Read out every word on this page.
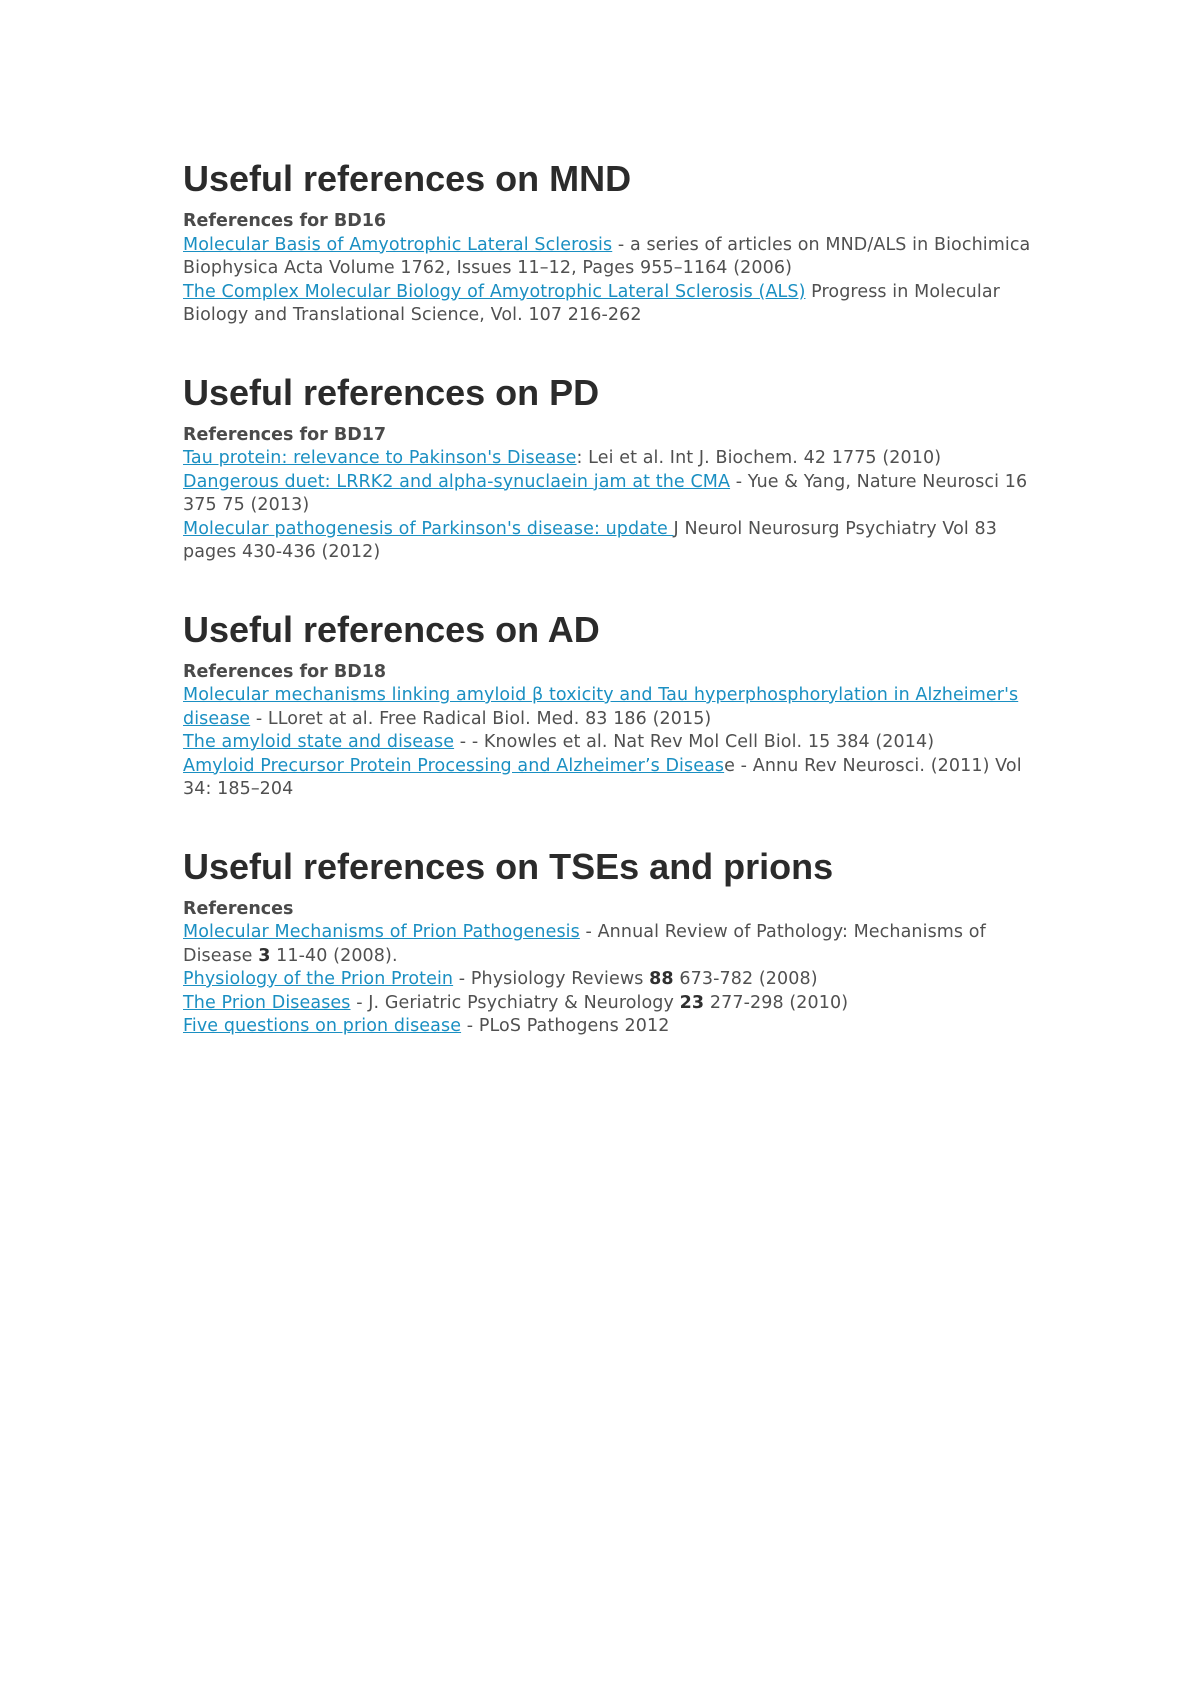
Useful references on MND
References for BD16
Molecular Basis of Amyotrophic Lateral Sclerosis - a series of articles on MND/ALS in Biochimica Biophysica Acta Volume 1762, Issues 11–12, Pages 955–1164 (2006)
The Complex Molecular Biology of Amyotrophic Lateral Sclerosis (ALS) Progress in Molecular Biology and Translational Science, Vol. 107 216-262
Useful references on PD
References for BD17
Tau protein: relevance to Pakinson's Disease: Lei et al. Int J. Biochem. 42 1775 (2010)
Dangerous duet: LRRK2 and alpha-synuclaein jam at the CMA - Yue & Yang, Nature Neurosci 16 375 75 (2013)
Molecular pathogenesis of Parkinson's disease: update J Neurol Neurosurg Psychiatry Vol 83 pages 430-436 (2012)
Useful references on AD
References for BD18
Molecular mechanisms linking amyloid β toxicity and Tau hyperphosphorylation in Alzheimer's disease - LLoret at al. Free Radical Biol. Med. 83 186 (2015)
The amyloid state and disease - - Knowles et al. Nat Rev Mol Cell Biol. 15 384 (2014)
Amyloid Precursor Protein Processing and Alzheimer’s Disease - Annu Rev Neurosci. (2011) Vol 34: 185–204
Useful references on TSEs and prions
References
Molecular Mechanisms of Prion Pathogenesis - Annual Review of Pathology: Mechanisms of Disease 3 11-40 (2008).
Physiology of the Prion Protein - Physiology Reviews 88 673-782 (2008)
The Prion Diseases - J. Geriatric Psychiatry & Neurology 23 277-298 (2010)
Five questions on prion disease - PLoS Pathogens 2012
